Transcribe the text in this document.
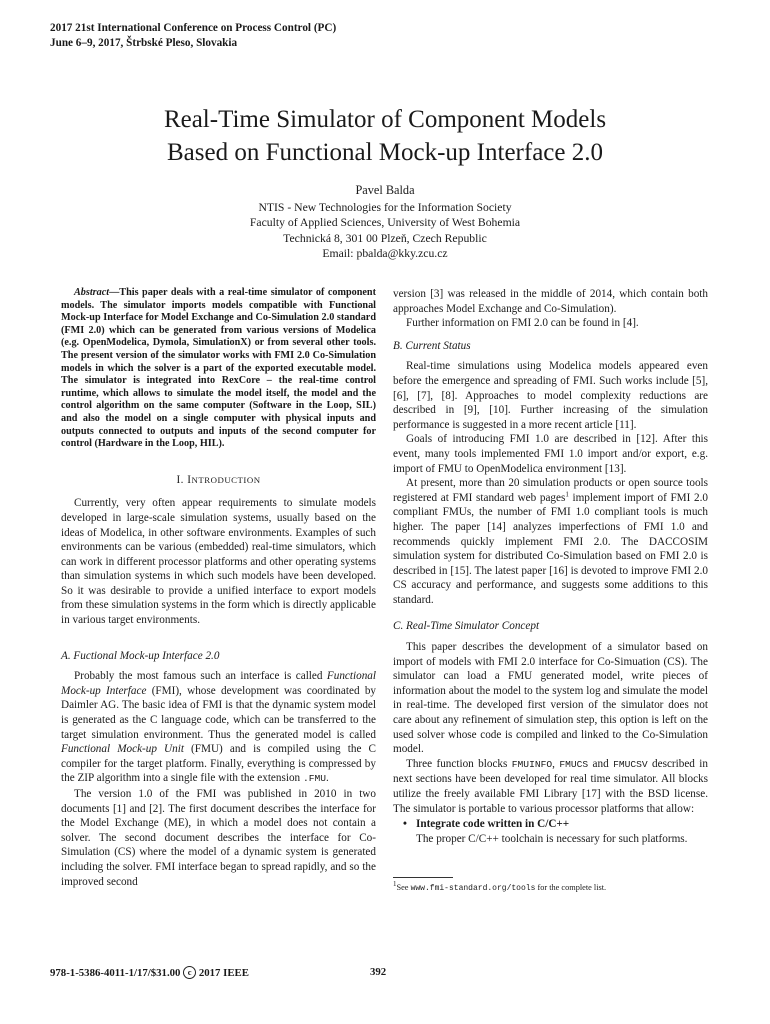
2017 21st International Conference on Process Control (PC)
June 6–9, 2017, Štrbské Pleso, Slovakia
Real-Time Simulator of Component Models
Based on Functional Mock-up Interface 2.0
Pavel Balda
NTIS - New Technologies for the Information Society
Faculty of Applied Sciences, University of West Bohemia
Technická 8, 301 00 Plzeň, Czech Republic
Email: pbalda@kky.zcu.cz

Abstract—This paper deals with a real-time simulator of component models. The simulator imports models compatible with Functional Mock-up Interface for Model Exchange and Co-Simulation 2.0 standard (FMI 2.0) which can be generated from various versions of Modelica (e.g. OpenModelica, Dymola, SimulationX) or from several other tools. The present version of the simulator works with FMI 2.0 Co-Simulation models in which the solver is a part of the exported executable model. The simulator is integrated into RexCore – the real-time control runtime, which allows to simulate the model itself, the model and the control algorithm on the same computer (Software in the Loop, SIL) and also the model on a single computer with physical inputs and outputs connected to outputs and inputs of the second computer for control (Hardware in the Loop, HIL).

I. INTRODUCTION

Currently, very often appear requirements to simulate models developed in large-scale simulation systems, usually based on the ideas of Modelica, in other software environments. Examples of such environments can be various (embedded) real-time simulators, which can work in different processor platforms and other operating systems than simulation systems in which such models have been developed. So it was desirable to provide a unified interface to export models from these simulation systems in the form which is directly applicable in various target environments.

A. Fuctional Mock-up Interface 2.0

Probably the most famous such an interface is called Functional Mock-up Interface (FMI), whose development was coordinated by Daimler AG. The basic idea of FMI is that the dynamic system model is generated as the C language code, which can be transferred to the target simulation environment. Thus the generated model is called Functional Mock-up Unit (FMU) and is compiled using the C compiler for the target platform. Finally, everything is compressed by the ZIP algorithm into a single file with the extension .FMU.

The version 1.0 of the FMI was published in 2010 in two documents [1] and [2]. The first document describes the interface for the Model Exchange (ME), in which a model does not contain a solver. The second document describes the interface for Co-Simulation (CS) where the model of a dynamic system is generated including the solver. FMI interface began to spread rapidly, and so the improved second

version [3] was released in the middle of 2014, which contain both approaches Model Exchange and Co-Simulation).

Further information on FMI 2.0 can be found in [4].

B. Current Status

Real-time simulations using Modelica models appeared even before the emergence and spreading of FMI. Such works include [5], [6], [7], [8]. Approaches to model complexity reductions are described in [9], [10]. Further increasing of the simulation performance is suggested in a more recent article [11].

Goals of introducing FMI 1.0 are described in [12]. After this event, many tools implemented FMI 1.0 import and/or export, e.g. import of FMU to OpenModelica environment [13].

At present, more than 20 simulation products or open source tools registered at FMI standard web pages$^1$ implement import of FMI 2.0 compliant FMUs, the number of FMI 1.0 compliant tools is much higher. The paper [14] analyzes imperfections of FMI 1.0 and recommends quickly implement FMI 2.0. The DACCOSIM simulation system for distributed Co-Simulation based on FMI 2.0 is described in [15]. The latest paper [16] is devoted to improve FMI 2.0 CS accuracy and performance, and suggests some additions to this standard.

C. Real-Time Simulator Concept

This paper describes the development of a simulator based on import of models with FMI 2.0 interface for Co-Simuation (CS). The simulator can load a FMU generated model, write pieces of information about the model to the system log and simulate the model in real-time. The developed first version of the simulator does not care about any refinement of simulation step, this option is left on the used solver whose code is compiled and linked to the Co-Simulation model.

Three function blocks FMUINFO, FMUCS and FMUCSV described in next sections have been developed for real time simulator. All blocks utilize the freely available FMI Library [17] with the BSD license. The simulator is portable to various processor platforms that allow:

• Integrate code written in C/C++

The proper C/C++ toolchain is necessary for such platforms.

$^1$See www.fmi-standard.org/tools for the complete list.
978-1-5386-4011-1/17/$31.00 c 2017 IEEE	392
